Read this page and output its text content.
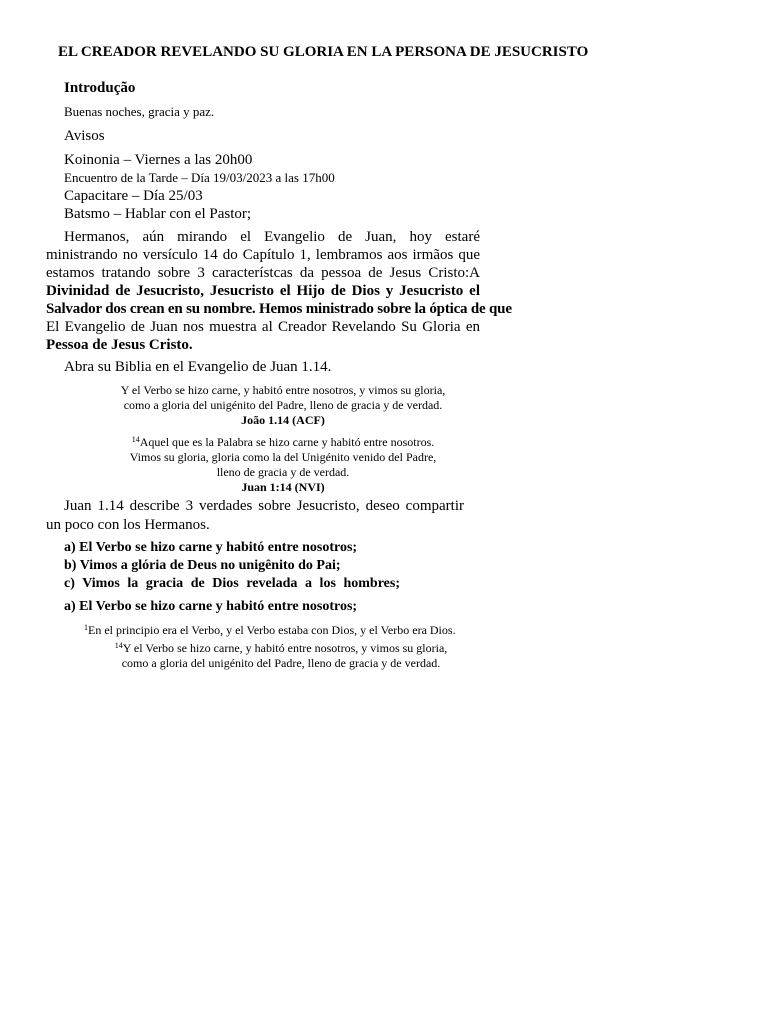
EL CREADOR REVELANDO SU GLORIA EN LA PERSONA DE JESUCRISTO
Introdução
Buenas noches, gracia y paz.
Avisos
Koinonia – Viernes a las 20h00
Encuentro de la Tarde – Día 19/03/2023 a las 17h00
Capacitare – Día 25/03
Batsmo – Hablar con el Pastor;
Hermanos, aún mirando el Evangelio de Juan, hoy estaré
ministrando no versículo 14 do Capítulo 1, lembramos aos irmãos que
estamos tratando sobre 3 característcas da pessoa de Jesus Cristo:A
Divinidad de Jesucristo, Jesucristo el Hijo de Dios y Jesucristo el
Salvador dos crean en su nombre. Hemos ministrado sobre la óptica de que
El Evangelio de Juan nos muestra al Creador Revelando Su Gloria en
Pessoa de Jesus Cristo.
Abra su Biblia en el Evangelio de Juan 1.14.
Y el Verbo se hizo carne, y habitó entre nosotros, y vimos su gloria,
como a gloria del unigénito del Padre, lleno de gracia y de verdad.
João 1.14 (ACF)
$^{14}$Aquel que es la Palabra se hizo carne y habitó entre nosotros.
Vimos su gloria, gloria como la del Unigénito venido del Padre,
lleno de gracia y de verdad.
Juan 1:14 (NVI)
Juan 1.14 describe 3 verdades sobre Jesucristo, deseo compartir
un poco con los Hermanos.
a) El Verbo se hizo carne y habitó entre nosotros;
b) Vimos a glória de Deus no unigênito do Pai;
c) Vimos la gracia de Dios revelada a los hombres;
a) El Verbo se hizo carne y habitó entre nosotros;
$^1$En el principio era el Verbo, y el Verbo estaba con Dios, y el Verbo era Dios.
$^{14}$Y el Verbo se hizo carne, y habitó entre nosotros, y vimos su gloria,
como a gloria del unigénito del Padre, lleno de gracia y de verdad.
